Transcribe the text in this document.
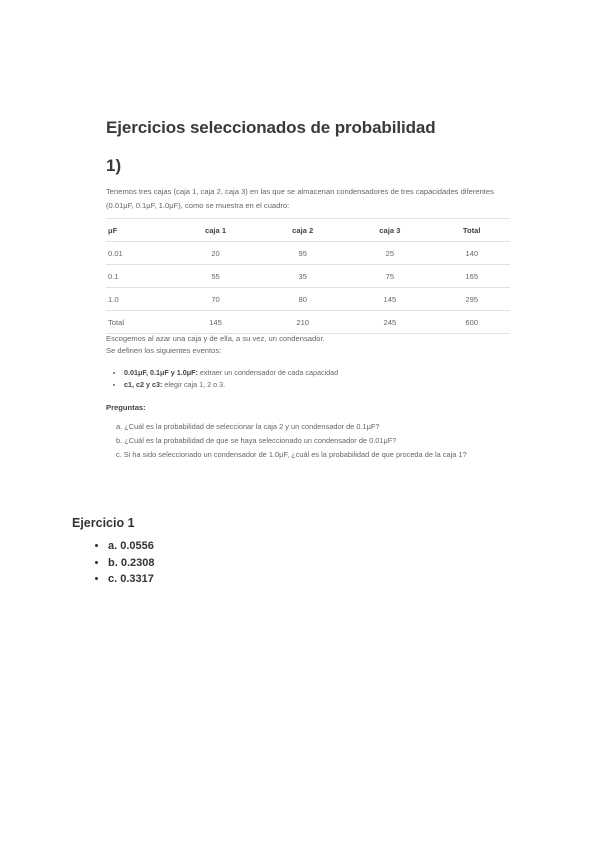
Ejercicios seleccionados de probabilidad
1)
Tenemos tres cajas (caja 1, caja 2, caja 3) en las que se almacenan condensadores de tres capacidades diferentes (0.01μF, 0.1μF, 1.0μF), como se muestra en el cuadro:
μF	caja 1	caja 2	caja 3	Total
0.01	20	95	25	140
0.1	55	35	75	165
1.0	70	80	145	295
Total	145	210	245	600
Escogemos al azar una caja y de ella, a su vez, un condensador.
Se definen los siguientes eventos:
• 0.01μF, 0.1μF y 1.0μF: extraer un condensador de cada capacidad
• c1, c2 y c3: elegir caja 1, 2 o 3.
Preguntas:
a. ¿Cuál es la probabilidad de seleccionar la caja 2 y un condensador de 0.1μF?
b. ¿Cuál es la probabilidad de que se haya seleccionado un condensador de 0.01μF?
c. Si ha sido seleccionado un condensador de 1.0μF, ¿cuál es la probabilidad de que proceda de la caja 1?
Ejercicio 1
• a. 0.0556
• b. 0.2308
• c. 0.3317
